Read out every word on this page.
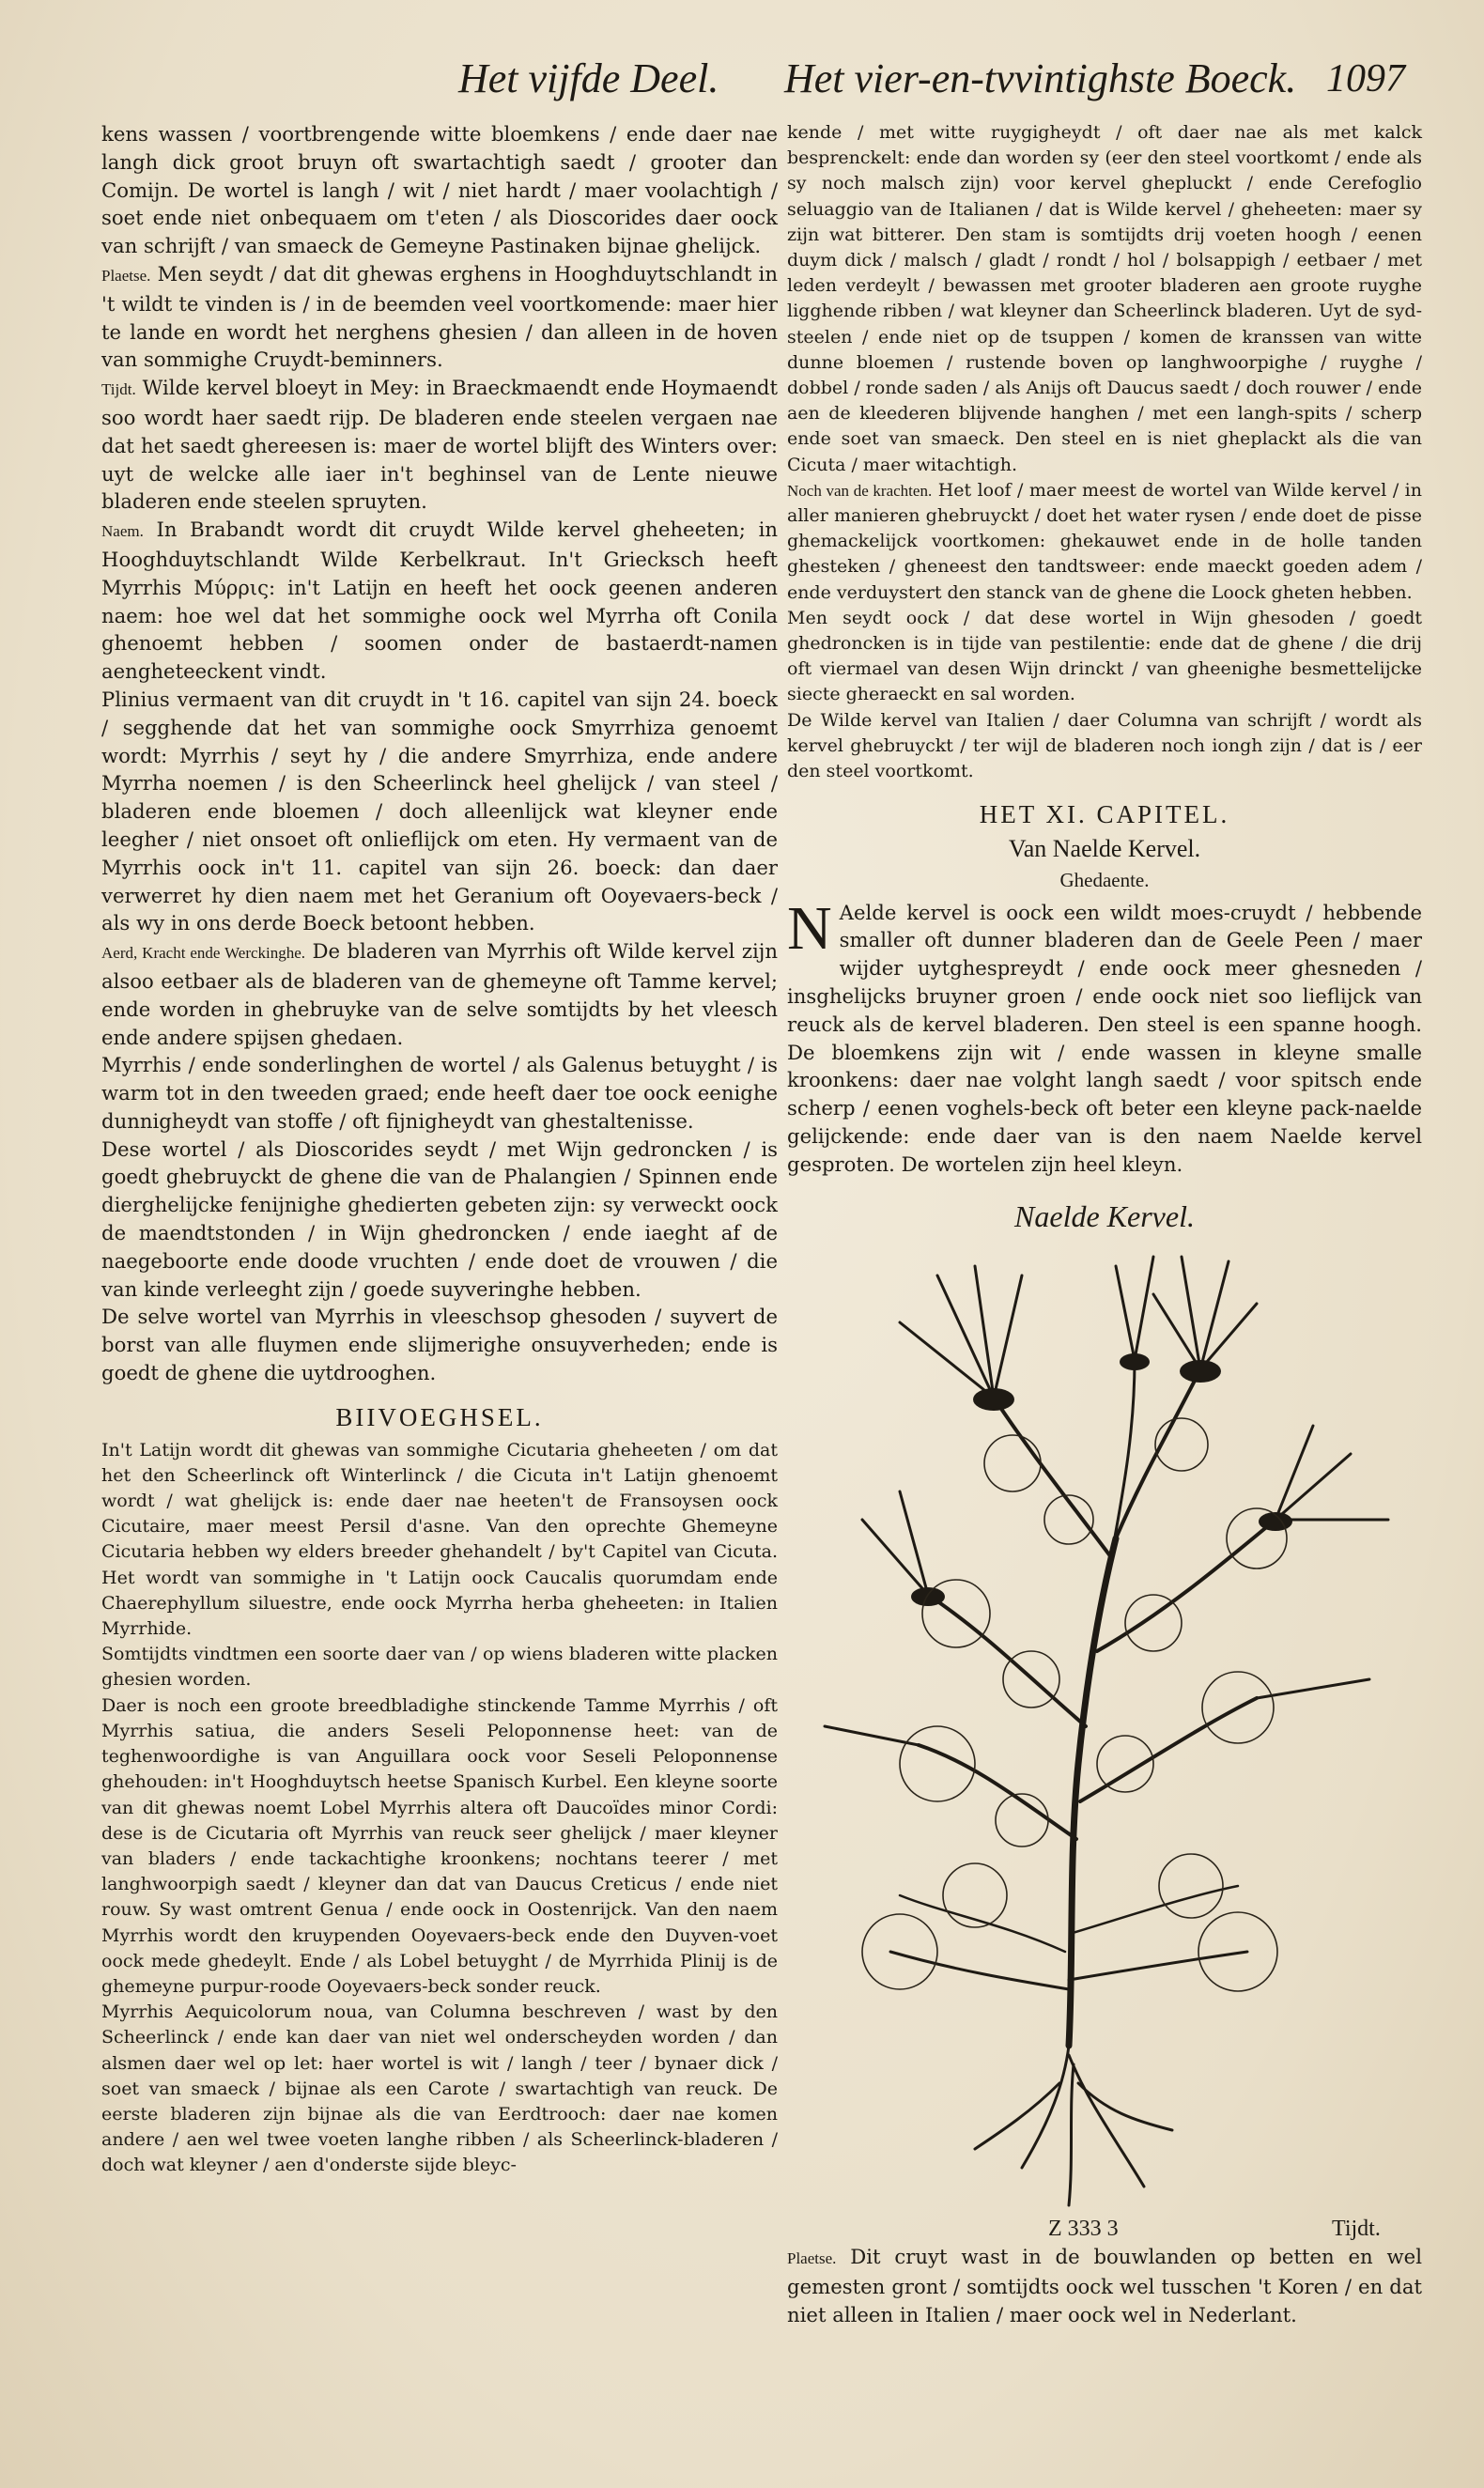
Het vijfde Deel. Het vier-en-tvvintighste Boeck. 1097

kens wassen / voortbrengende witte bloemkens / ende daer nae langh dick groot bruyn oft swartachtigh saedt / grooter dan Comijn. De wortel is langh / wit / niet hardt / maer voolachtigh / soet ende niet onbequaem om t'eten / als Dioscorides daer oock van schrijft / van smaeck de Gemeyne Pastinaken bijnae ghelijck.

Plaetse. Men seydt / dat dit ghewas erghens in Hooghduytschlandt in 't wildt te vinden is / in de beemden veel voortkomende: maer hier te lande en wordt het nerghens ghesien / dan alleen in de hoven van sommighe Cruydt-beminners.

Tijdt. Wilde kervel bloeyt in Mey: in Braeckmaendt ende Hoymaendt soo wordt haer saedt rijp. De bladeren ende steelen vergaen nae dat het saedt ghereesen is: maer de wortel blijft des Winters over: uyt de welcke alle iaer in't beghinsel van de Lente nieuwe bladeren ende steelen spruyten.

Naem. In Brabandt wordt dit cruydt Wilde kervel gheheeten; in Hooghduytschlandt Wilde Kerbelkraut. In't Griecksch heeft Myrrhis Μύρρις: in't Latijn en heeft het oock geenen anderen naem: hoe wel dat het sommighe oock wel Myrrha oft Conila ghenoemt hebben / soomen onder de bastaerdt-namen aengheteeckent vindt.

Plinius vermaent van dit cruydt in 't 16. capitel van sijn 24. boeck / segghende dat het van sommighe oock Smyrrhiza genoemt wordt: Myrrhis / seyt hy / die andere Smyrrhiza, ende andere Myrrha noemen / is den Scheerlinck heel ghelijck / van steel / bladeren ende bloemen / doch alleenlijck wat kleyner ende leegher / niet onsoet oft onlieflijck om eten. Hy vermaent van de Myrrhis oock in't 11. capitel van sijn 26. boeck: dan daer verwerret hy dien naem met het Geranium oft Ooyevaers-beck / als wy in ons derde Boeck betoont hebben.

Aerd, Kracht ende Werckinghe. De bladeren van Myrrhis oft Wilde kervel zijn alsoo eetbaer als de bladeren van de ghemeyne oft Tamme kervel; ende worden in ghebruyke van de selve somtijdts by het vleesch ende andere spijsen ghedaen.

Myrrhis / ende sonderlinghen de wortel / als Galenus betuyght / is warm tot in den tweeden graed; ende heeft daer toe oock eenighe dunnigheydt van stoffe / oft fijnigheydt van ghestaltenisse.

Dese wortel / als Dioscorides seydt / met Wijn gedroncken / is goedt ghebruyckt de ghene die van de Phalangien / Spinnen ende dierghelijcke fenijnighe ghedierten gebeten zijn: sy verweckt oock de maendtstonden / in Wijn ghedroncken / ende iaeght af de naegeboorte ende doode vruchten / ende doet de vrouwen / die van kinde verleeght zijn / goede suyveringhe hebben.

De selve wortel van Myrrhis in vleeschsop ghesoden / suyvert de borst van alle fluymen ende slijmerighe onsuyverheden; ende is goedt de ghene die uytdrooghen.

BIIVOEGHSEL.

In't Latijn wordt dit ghewas van sommighe Cicutaria gheheeten / om dat het den Scheerlinck oft Winterlinck / die Cicuta in't Latijn ghenoemt wordt / wat ghelijck is: ende daer nae heeten't de Fransoysen oock Cicutaire, maer meest Persil d'asne. Van den oprechte Ghemeyne Cicutaria hebben wy elders breeder ghehandelt / by't Capitel van Cicuta. Het wordt van sommighe in 't Latijn oock Caucalis quorumdam ende Chaerephyllum siluestre, ende oock Myrrha herba gheheeten: in Italien Myrrhide.

Somtijdts vindtmen een soorte daer van / op wiens bladeren witte placken ghesien worden.

Daer is noch een groote breedbladighe stinckende Tamme Myrrhis / oft Myrrhis satiua, die anders Seseli Peloponnense heet: van de teghenwoordighe is van Anguillara oock voor Seseli Peloponnense ghehouden: in't Hooghduytsch heetse Spanisch Kurbel. Een kleyne soorte van dit ghewas noemt Lobel Myrrhis altera oft Daucoïdes minor Cordi: dese is de Cicutaria oft Myrrhis van reuck seer ghelijck / maer kleyner van bladers / ende tackachtighe kroonkens; nochtans teerer / met langhwoorpigh saedt / kleyner dan dat van Daucus Creticus / ende niet rouw. Sy wast omtrent Genua / ende oock in Oostenrijck. Van den naem Myrrhis wordt den kruypenden Ooyevaers-beck ende den Duyven-voet oock mede ghedeylt. Ende / als Lobel betuyght / de Myrrhida Plinij is de ghemeyne purpur-roode Ooyevaers-beck sonder reuck.

Myrrhis Aequicolorum noua, van Columna beschreven / wast by den Scheerlinck / ende kan daer van niet wel onderscheyden worden / dan alsmen daer wel op let: haer wortel is wit / langh / teer / bynaer dick / soet van smaeck / bijnae als een Carote / swartachtigh van reuck. De eerste bladeren zijn bijnae als die van Eerdtrooch: daer nae komen andere / aen wel twee voeten langhe ribben / als Scheerlinck-bladeren / doch wat kleyner / aen d'onderste sijde bleyc-

kende / met witte ruygigheydt / oft daer nae als met kalck besprenckelt: ende dan worden sy (eer den steel voortkomt / ende als sy noch malsch zijn) voor kervel ghepluckt / ende Cerefoglio seluaggio van de Italianen / dat is Wilde kervel / gheheeten: maer sy zijn wat bitterer. Den stam is somtijdts drij voeten hoogh / eenen duym dick / malsch / gladt / rondt / hol / bolsappigh / eetbaer / met leden verdeylt / bewassen met grooter bladeren aen groote ruyghe ligghende ribben / wat kleyner dan Scheerlinck bladeren. Uyt de syd-steelen / ende niet op de tsuppen / komen de kranssen van witte dunne bloemen / rustende boven op langhwoorpighe / ruyghe / dobbel / ronde saden / als Anijs oft Daucus saedt / doch rouwer / ende aen de kleederen blijvende hanghen / met een langh-spits / scherp ende soet van smaeck. Den steel en is niet gheplackt als die van Cicuta / maer witachtigh.

Noch van de krachten. Het loof / maer meest de wortel van Wilde kervel / in aller manieren ghebruyckt / doet het water rysen / ende doet de pisse ghemackelijck voortkomen: ghekauwet ende in de holle tanden ghesteken / gheneest den tandtsweer: ende maeckt goeden adem / ende verduystert den stanck van de ghene die Loock gheten hebben.

Men seydt oock / dat dese wortel in Wijn ghesoden / goedt ghedroncken is in tijde van pestilentie: ende dat de ghene / die drij oft viermael van desen Wijn drinckt / van gheenighe besmettelijcke siecte gheraeckt en sal worden.

De Wilde kervel van Italien / daer Columna van schrijft / wordt als kervel ghebruyckt / ter wijl de bladeren noch iongh zijn / dat is / eer den steel voortkomt.

HET XI. CAPITEL.
Van Naelde Kervel.
Ghedaente.

N Aelde kervel is oock een wildt moes-cruydt / hebbende smaller oft dunner bladeren dan de Geele Peen / maer wijder uytghespreydt / ende oock meer ghesneden / insghelijcks bruyner groen / ende oock niet soo lieflijck van reuck als de kervel bladeren. Den steel is een spanne hoogh. De bloemkens zijn wit / ende wassen in kleyne smalle kroonkens: daer nae volght langh saedt / voor spitsch ende scherp / eenen voghels-beck oft beter een kleyne pack-naelde gelijckende: ende daer van is den naem Naelde kervel gesproten. De wortelen zijn heel kleyn.

Naelde Kervel.

Plaetse. Dit cruyt wast in de bouwlanden op betten en wel gemesten gront / somtijdts oock wel tusschen 't Koren / en dat niet alleen in Italien / maer oock wel in Nederlant.

Z 333 3	Tijdt.
